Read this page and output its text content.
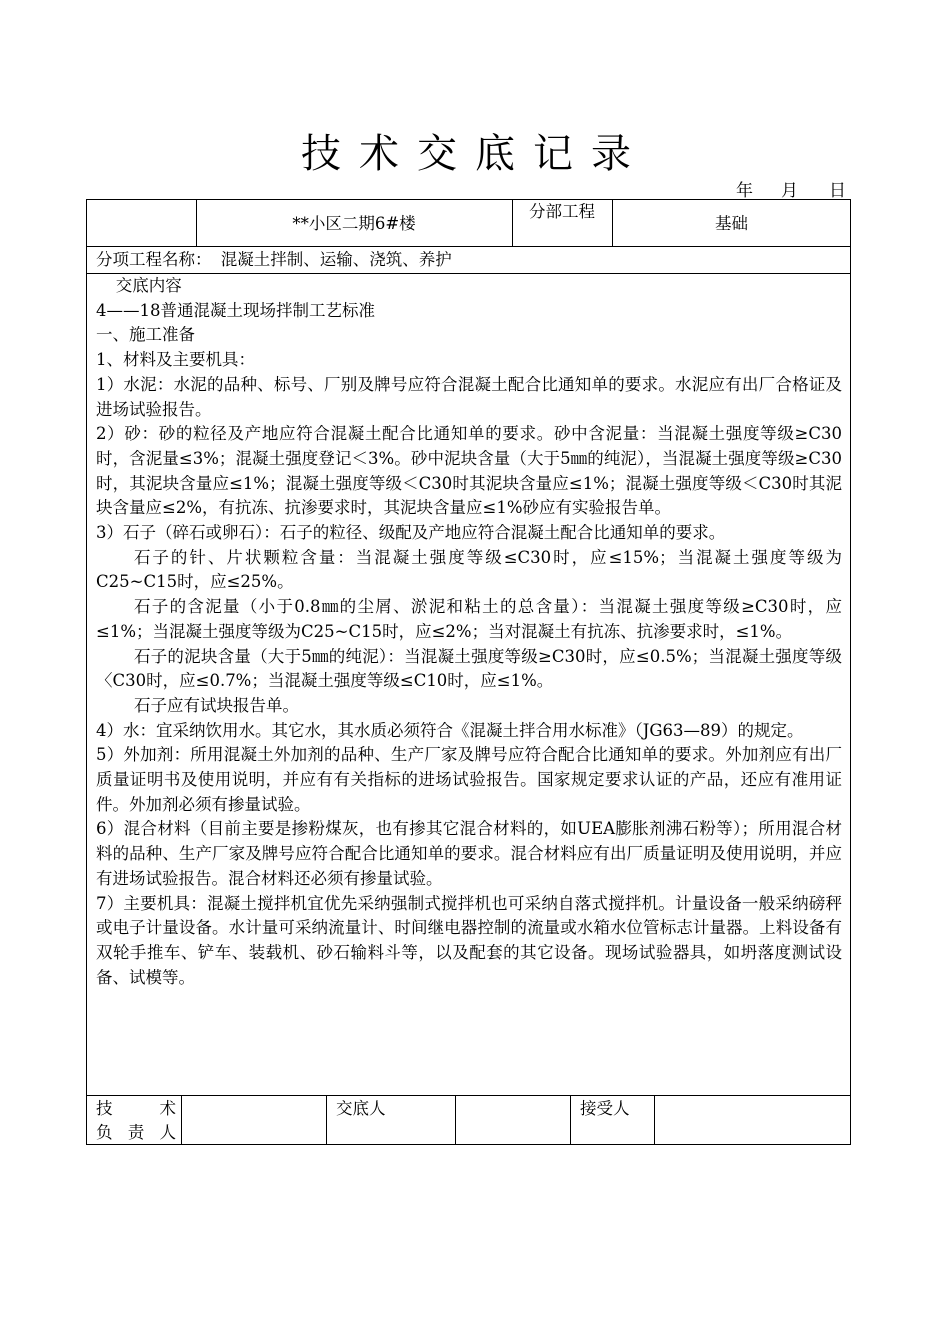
技术交底记录
年 月 日
**小区二期6#楼
分部工程
基础
分项工程名称： 混凝土拌制、运输、浇筑、养护

交底内容

4——18普通混凝土现场拌制工艺标准

一、施工准备

1、材料及主要机具：

1）水泥：水泥的品种、标号、厂别及牌号应符合混凝土配合比通知单的要求。水泥应有出厂合格证及进场试验报告。

2）砂：砂的粒径及产地应符合混凝土配合比通知单的要求。砂中含泥量：当混凝土强度等级≥C30时，含泥量≤3%；混凝土强度登记＜3%。砂中泥块含量（大于5㎜的纯泥），当混凝土强度等级≥C30时，其泥块含量应≤1%；混凝土强度等级＜C30时其泥块含量应≤1%；混凝土强度等级＜C30时其泥块含量应≤2%，有抗冻、抗渗要求时，其泥块含量应≤1%砂应有实验报告单。

3）石子（碎石或卵石）：石子的粒径、级配及产地应符合混凝土配合比通知单的要求。

石子的针、片状颗粒含量：当混凝土强度等级≤C30时，应≤15%；当混凝土强度等级为C25~C15时，应≤25%。

石子的含泥量（小于0.8㎜的尘屑、淤泥和粘土的总含量）：当混凝土强度等级≥C30时，应≤1%；当混凝土强度等级为C25~C15时，应≤2%；当对混凝土有抗冻、抗渗要求时，≤1%。

石子的泥块含量（大于5㎜的纯泥）：当混凝土强度等级≥C30时，应≤0.5%；当混凝土强度等级〈C30时，应≤0.7%；当混凝土强度等级≤C10时，应≤1%。

石子应有试块报告单。

4）水：宜采纳饮用水。其它水，其水质必须符合《混凝土拌合用水标准》（JG63—89）的规定。

5）外加剂：所用混凝土外加剂的品种、生产厂家及牌号应符合配合比通知单的要求。外加剂应有出厂质量证明书及使用说明，并应有有关指标的进场试验报告。国家规定要求认证的产品，还应有准用证件。外加剂必须有掺量试验。

6）混合材料（目前主要是掺粉煤灰，也有掺其它混合材料的，如UEA膨胀剂沸石粉等）；所用混合材料的品种、生产厂家及牌号应符合配合比通知单的要求。混合材料应有出厂质量证明及使用说明，并应有进场试验报告。混合材料还必须有掺量试验。

7）主要机具：混凝土搅拌机宜优先采纳强制式搅拌机也可采纳自落式搅拌机。计量设备一般采纳磅秤或电子计量设备。水计量可采纳流量计、时间继电器控制的流量或水箱水位管标志计量器。上料设备有双轮手推车、铲车、装载机、砂石输料斗等，以及配套的其它设备。现场试验器具，如坍落度测试设备、试模等。

技　　术
负责人
交底人	接受人
